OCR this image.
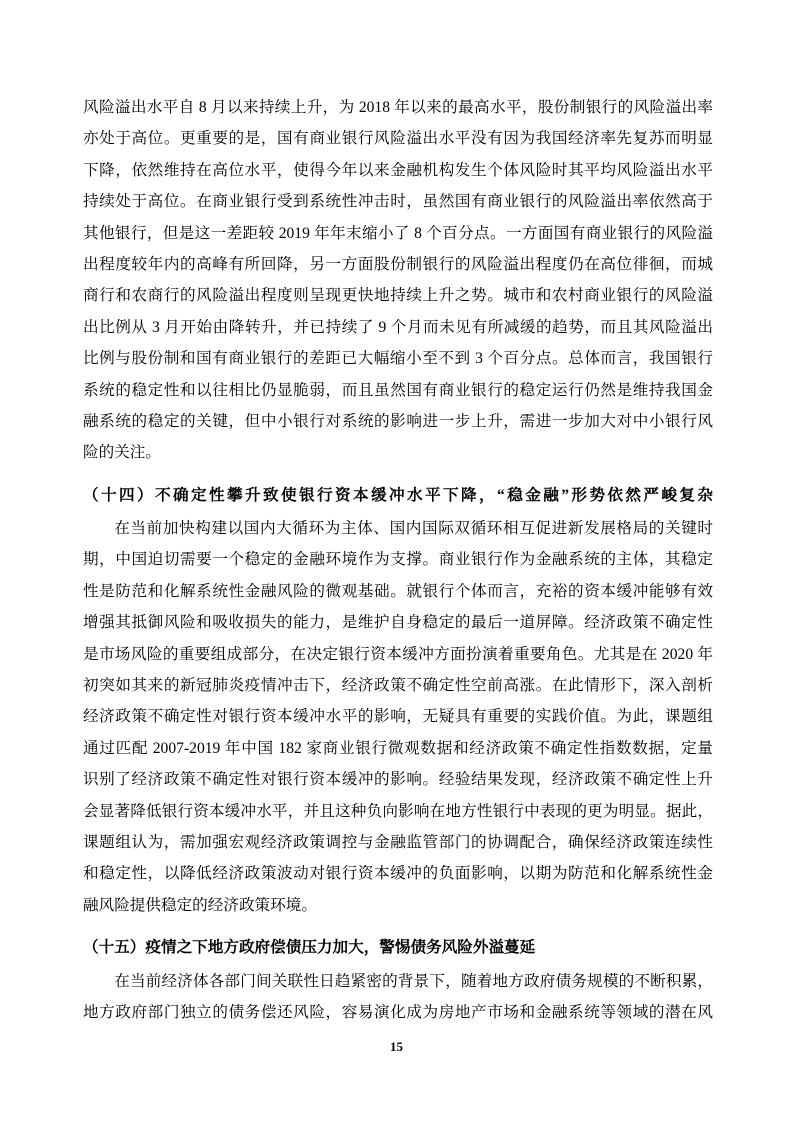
风险溢出水平自 8 月以来持续上升，为 2018 年以来的最高水平，股份制银行的风险溢出率
亦处于高位。更重要的是，国有商业银行风险溢出水平没有因为我国经济率先复苏而明显
下降，依然维持在高位水平，使得今年以来金融机构发生个体风险时其平均风险溢出水平
持续处于高位。在商业银行受到系统性冲击时，虽然国有商业银行的风险溢出率依然高于
其他银行，但是这一差距较 2019 年年末缩小了 8 个百分点。一方面国有商业银行的风险溢
出程度较年内的高峰有所回降，另一方面股份制银行的风险溢出程度仍在高位徘徊，而城
商行和农商行的风险溢出程度则呈现更快地持续上升之势。城市和农村商业银行的风险溢
出比例从 3 月开始由降转升，并已持续了 9 个月而未见有所减缓的趋势，而且其风险溢出
比例与股份制和国有商业银行的差距已大幅缩小至不到 3 个百分点。总体而言，我国银行
系统的稳定性和以往相比仍显脆弱，而且虽然国有商业银行的稳定运行仍然是维持我国金
融系统的稳定的关键，但中小银行对系统的影响进一步上升，需进一步加大对中小银行风
险的关注。
（十四）不确定性攀升致使银行资本缓冲水平下降，“稳金融”形势依然严峻复杂
在当前加快构建以国内大循环为主体、国内国际双循环相互促进新发展格局的关键时
期，中国迫切需要一个稳定的金融环境作为支撑。商业银行作为金融系统的主体，其稳定
性是防范和化解系统性金融风险的微观基础。就银行个体而言，充裕的资本缓冲能够有效
增强其抵御风险和吸收损失的能力，是维护自身稳定的最后一道屏障。经济政策不确定性
是市场风险的重要组成部分，在决定银行资本缓冲方面扮演着重要角色。尤其是在 2020 年
初突如其来的新冠肺炎疫情冲击下，经济政策不确定性空前高涨。在此情形下，深入剖析
经济政策不确定性对银行资本缓冲水平的影响，无疑具有重要的实践价值。为此，课题组
通过匹配 2007-2019 年中国 182 家商业银行微观数据和经济政策不确定性指数数据，定量
识别了经济政策不确定性对银行资本缓冲的影响。经验结果发现，经济政策不确定性上升
会显著降低银行资本缓冲水平，并且这种负向影响在地方性银行中表现的更为明显。据此，
课题组认为，需加强宏观经济政策调控与金融监管部门的协调配合，确保经济政策连续性
和稳定性，以降低经济政策波动对银行资本缓冲的负面影响，以期为防范和化解系统性金
融风险提供稳定的经济政策环境。
（十五）疫情之下地方政府偿债压力加大，警惕债务风险外溢蔓延
在当前经济体各部门间关联性日趋紧密的背景下，随着地方政府债务规模的不断积累，
地方政府部门独立的债务偿还风险，容易演化成为房地产市场和金融系统等领域的潜在风
15
